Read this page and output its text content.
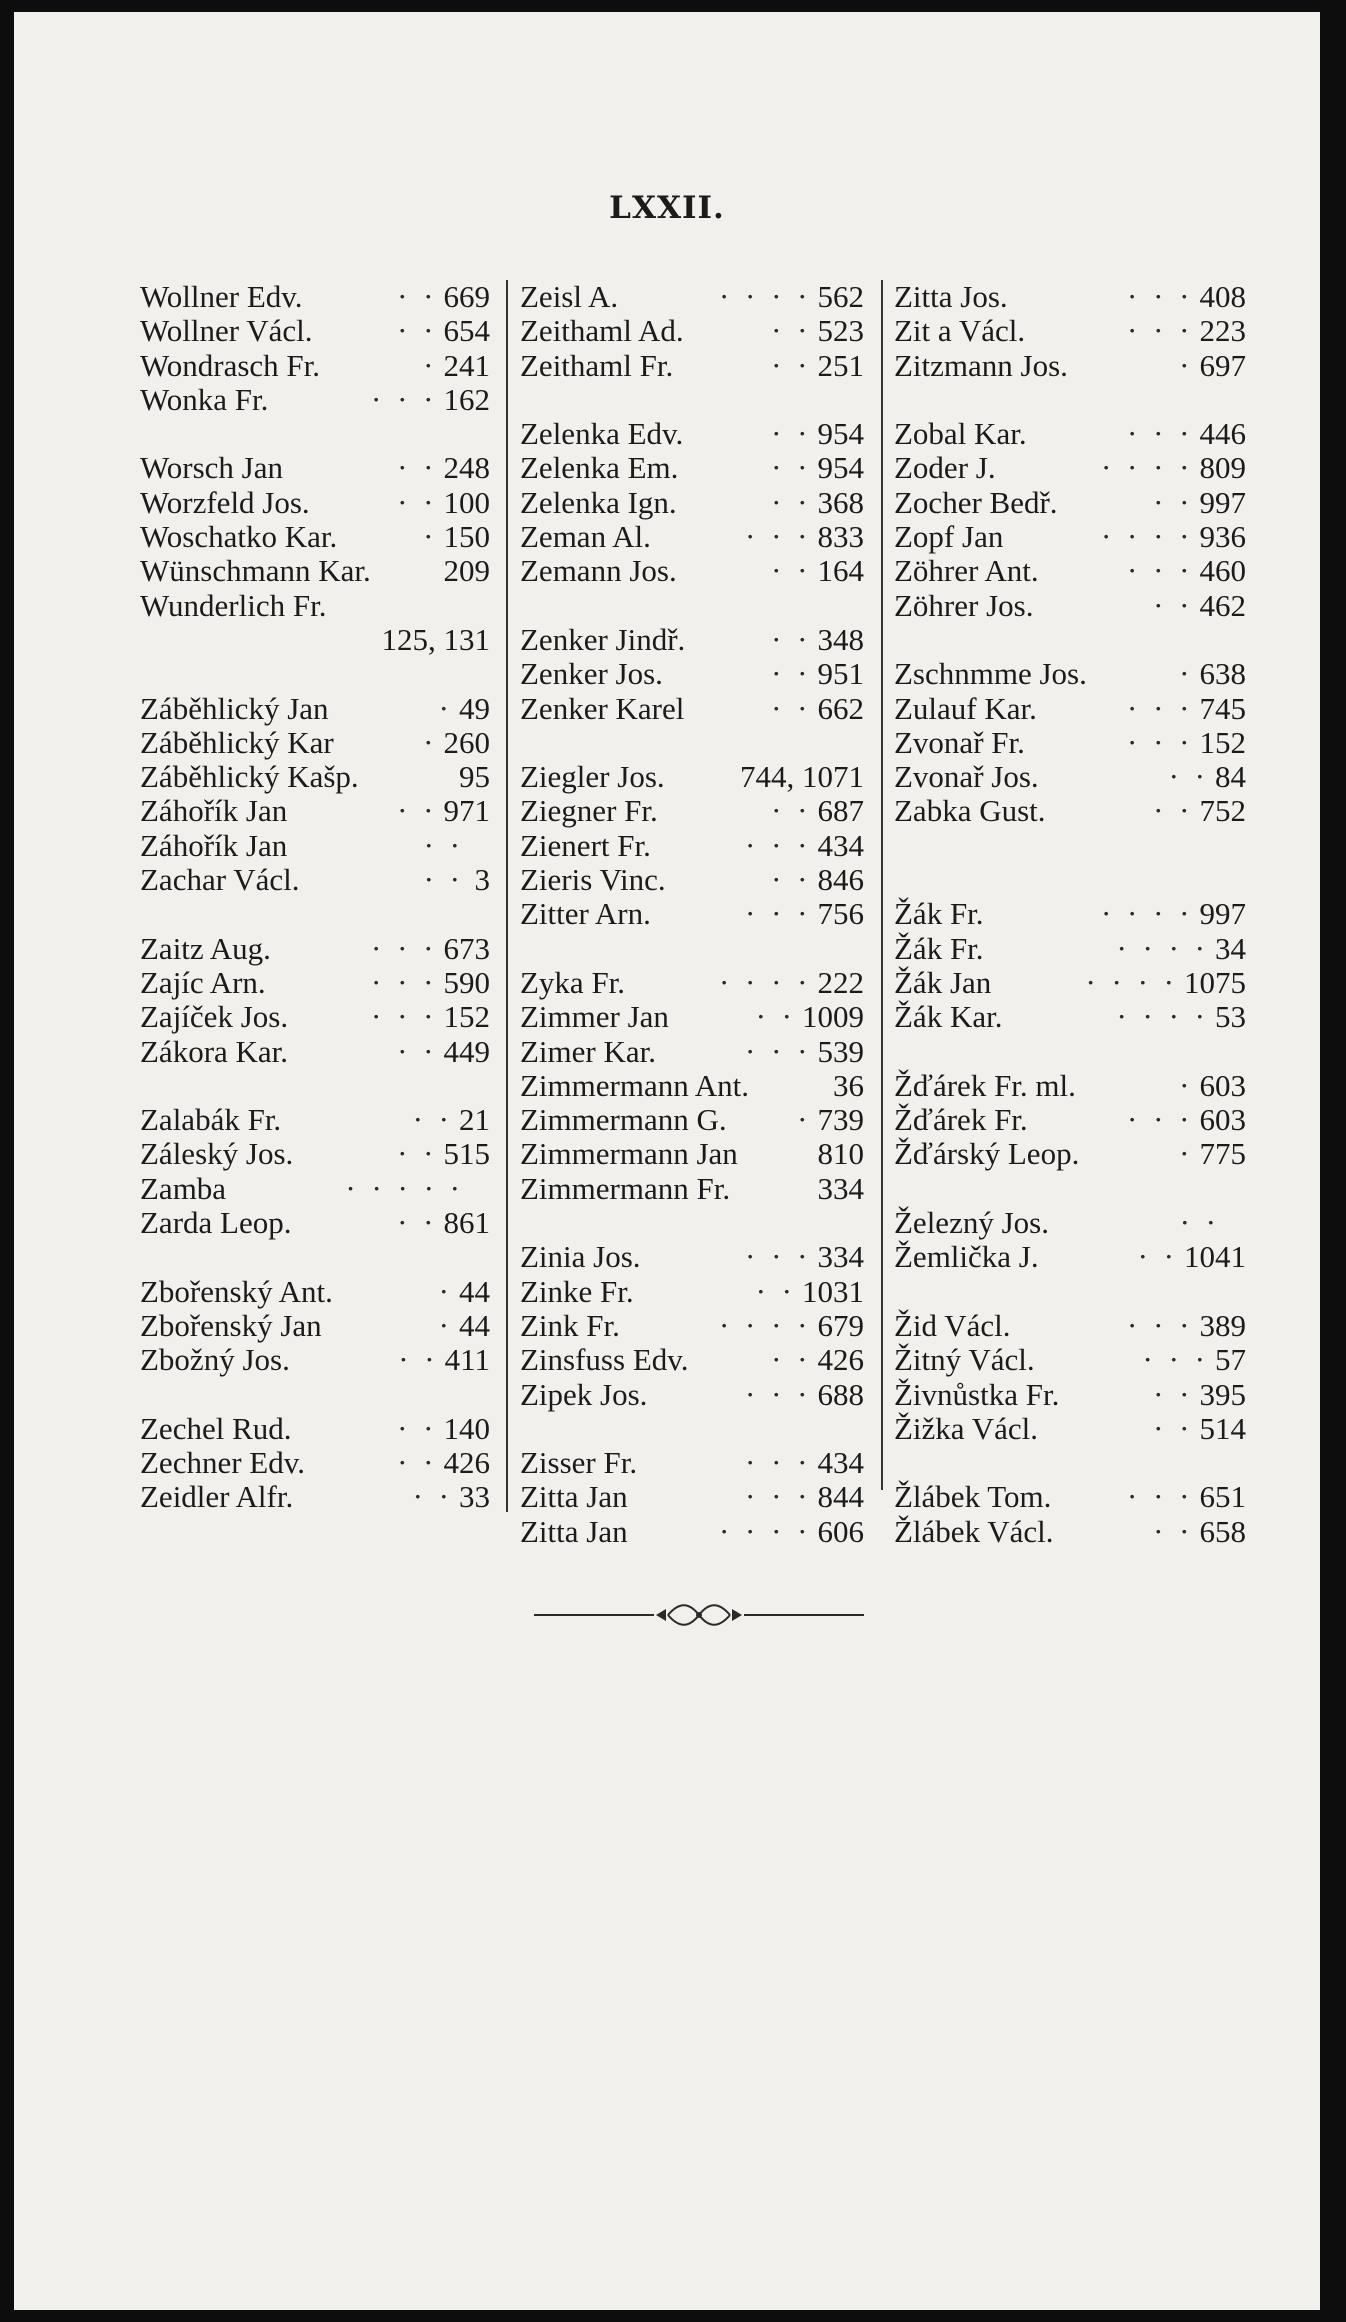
LXXII.
Wollner Edv.	· · 669
Wollner Václ.	· · 654
Wondrasch Fr.	· 241
Wonka Fr.	· · · 162
Worsch Jan	· · 248
Worzfeld Jos.	· · 100
Woschatko Kar.	· 150
Wünschmann Kar. 209
Wunderlich Fr.
125, 131
Záběhlický Jan	· 49
Záběhlický Kar	· 260
Záběhlický Kašp.	95
Záhořík Jan	· · 971
Záhořík Jan	· ·
Zachar Václ.	· · 3
Zaitz Aug.	· · · 673
Zajíc Arn.	· · · 590
Zajíček Jos.	· · · 152
Zákora Kar.	· · 449
Zalabák Fr.	· · 21
Záleský Jos.	· · 515
Zamba	· · · · ·
Zarda Leop.	· · 861
Zbořenský Ant.	· 44
Zbořenský Jan	· 44
Zbožný Jos.	· · 411
Zechel Rud.	· · 140
Zechner Edv.	· · 426
Zeidler Alfr.	· · 33
Zeisl A.	· · · · 562
Zeithaml Ad.	· · 523
Zeithaml Fr.	· · 251
Zelenka Edv.	· · 954
Zelenka Em.	· · 954
Zelenka Ign.	· · 368
Zeman Al.	· · · 833
Zemann Jos.	· · 164
Zenker Jindř.	· · 348
Zenker Jos.	· · 951
Zenker Karel	· · 662
Ziegler Jos. 744, 1071
Ziegner Fr.	· · 687
Zienert Fr.	· · · 434
Zieris Vinc.	· · 846
Zitter Arn.	· · · 756
Zyka Fr.	· · · · 222
Zimmer Jan	· · 1009
Zimer Kar.	· · · 539
Zimmermann Ant.	36
Zimmermann G.	· 739
Zimmermann Jan	810
Zimmermann Fr.	334
Zinia Jos.	· · · 334
Zinke Fr.	· · 1031
Zink Fr.	· · · · 679
Zinsfuss Edv.	· · 426
Zipek Jos.	· · · 688
Zisser Fr.	· · · 434
Zitta Jan	· · · 844
Zitta Jan	· · · · 606
Zitta Jos.	· · · 408
Zit a Václ.	· · · 223
Zitzmann Jos.	· 697
Zobal Kar.	· · · 446
Zoder J.	· · · · 809
Zocher Bedř.	· · 997
Zopf Jan	· · · · 936
Zöhrer Ant.	· · · 460
Zöhrer Jos.	· · 462
Zschnmme Jos.	· 638
Zulauf Kar.	· · · 745
Zvonař Fr.	· · · 152
Zvonař Jos.	· · 84
Zabka Gust.	· · 752
Žák Fr.	· · · · 997
Žák Fr.	· · · · 34
Žák Jan	· · · · 1075
Žák Kar.	· · · · 53
Žďárek Fr. ml.	· 603
Žďárek Fr.	· · · 603
Žďárský Leop.	· 775
Železný Jos.	· ·
Žemlička J.	· · 1041
Žid Václ.	· · · 389
Žitný Václ.	· · · 57
Živnůstka Fr.	· · 395
Žižka Václ.	· · 514
Žlábek Tom.	· · · 651
Žlábek Václ.	· · 658
